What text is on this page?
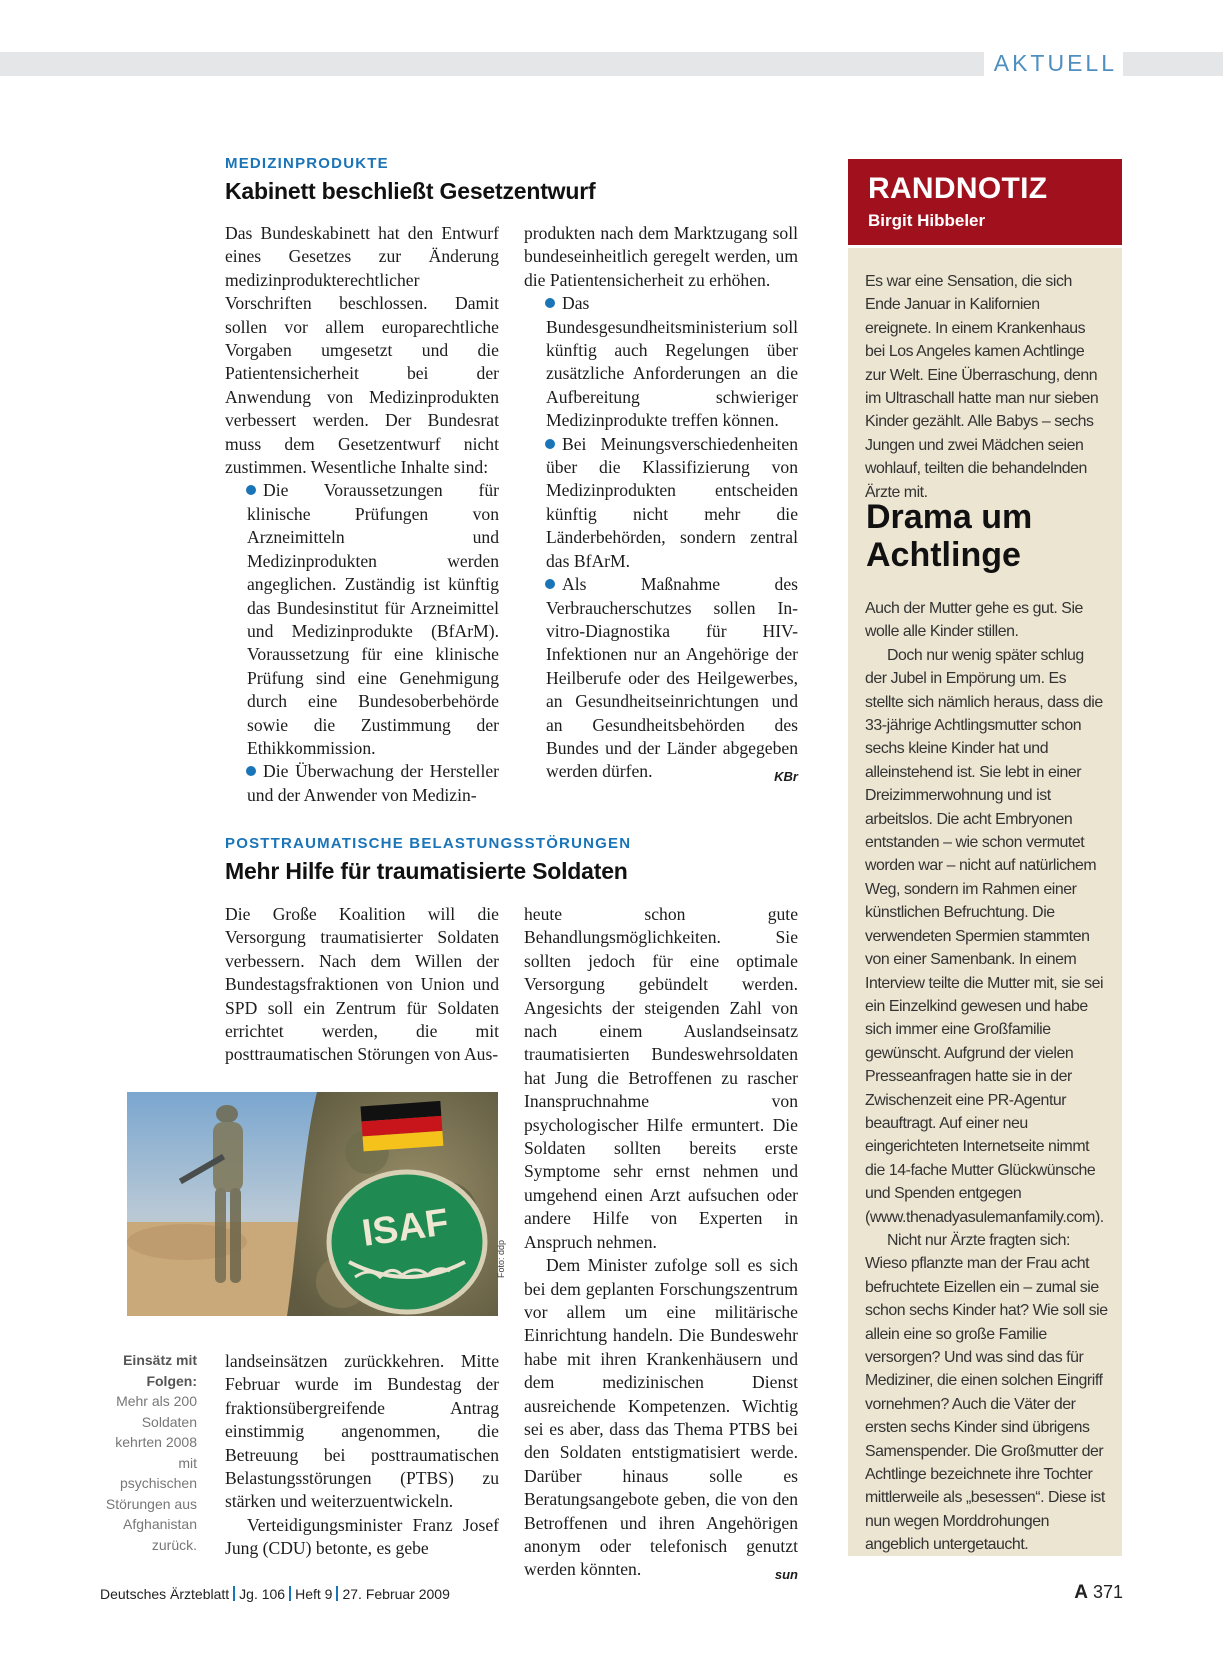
AKTUELL
MEDIZINPRODUKTE
Kabinett beschließt Gesetzentwurf

Das Bundeskabinett hat den Entwurf eines Gesetzes zur Änderung medizinprodukterechtlicher Vorschriften beschlossen. Damit sollen vor allem europarechtliche Vorgaben umgesetzt und die Patientensicherheit bei der Anwendung von Medizinprodukten verbessert werden. Der Bundesrat muss dem Gesetzentwurf nicht zustimmen. Wesentliche Inhalte sind:

Die Voraussetzungen für klinische Prüfungen von Arzneimitteln und Medizinprodukten werden angeglichen. Zuständig ist künftig das Bundesinstitut für Arzneimittel und Medizinprodukte (BfArM). Voraussetzung für eine klinische Prüfung sind eine Genehmigung durch eine Bundesoberbehörde sowie die Zustimmung der Ethikkommission.

Die Überwachung der Hersteller und der Anwender von Medizin-

produkten nach dem Marktzugang soll bundeseinheitlich geregelt werden, um die Patientensicherheit zu erhöhen.

Das Bundesgesundheitsministerium soll künftig auch Regelungen über zusätzliche Anforderungen an die Aufbereitung schwieriger Medizinprodukte treffen können.

Bei Meinungsverschiedenheiten über die Klassifizierung von Medizinprodukten entscheiden künftig nicht mehr die Länderbehörden, sondern zentral das BfArM.

Als Maßnahme des Verbraucherschutzes sollen In-vitro-Diagnostika für HIV-Infektionen nur an Angehörige der Heilberufe oder des Heilgewerbes, an Gesundheitseinrichtungen und an Gesundheitsbehörden des Bundes und der Länder abgegeben werden dürfen.	KBr

POSTTRAUMATISCHE BELASTUNGSSTÖRUNGEN
Mehr Hilfe für traumatisierte Soldaten

Die Große Koalition will die Versorgung traumatisierter Soldaten verbessern. Nach dem Willen der Bundestagsfraktionen von Union und SPD soll ein Zentrum für Soldaten errichtet werden, die mit posttraumatischen Störungen von Aus-

ISAF
Foto: ddp
Einsätz mit Folgen:
Mehr als 200 Soldaten kehrten 2008 mit psychischen Störungen aus Afghanistan zurück.

landseinsätzen zurückkehren. Mitte Februar wurde im Bundestag der fraktionsübergreifende Antrag einstimmig angenommen, die Betreuung bei posttraumatischen Belastungsstörungen (PTBS) zu stärken und weiterzuentwickeln.

Verteidigungsminister Franz Josef Jung (CDU) betonte, es gebe

heute schon gute Behandlungsmöglichkeiten. Sie sollten jedoch für eine optimale Versorgung gebündelt werden. Angesichts der steigenden Zahl von nach einem Auslandseinsatz traumatisierten Bundeswehrsoldaten hat Jung die Betroffenen zu rascher Inanspruchnahme von psychologischer Hilfe ermuntert. Die Soldaten sollten bereits erste Symptome sehr ernst nehmen und umgehend einen Arzt aufsuchen oder andere Hilfe von Experten in Anspruch nehmen.

Dem Minister zufolge soll es sich bei dem geplanten Forschungszentrum vor allem um eine militärische Einrichtung handeln. Die Bundeswehr habe mit ihren Krankenhäusern und dem medizinischen Dienst ausreichende Kompetenzen. Wichtig sei es aber, dass das Thema PTBS bei den Soldaten entstigmatisiert werde. Darüber hinaus solle es Beratungsangebote geben, die von den Betroffenen und ihren Angehörigen anonym oder telefonisch genutzt werden könnten.	sun

RANDNOTIZ
Birgit Hibbeler

Es war eine Sensation, die sich Ende Januar in Kalifornien ereignete. In einem Krankenhaus bei Los Angeles kamen Achtlinge zur Welt. Eine Überraschung, denn im Ultraschall hatte man nur sieben Kinder gezählt. Alle Babys – sechs Jungen und zwei Mädchen seien wohlauf, teilten die behandelnden Ärzte mit.

Drama um Achtlinge

Auch der Mutter gehe es gut. Sie wolle alle Kinder stillen.

Doch nur wenig später schlug der Jubel in Empörung um. Es stellte sich nämlich heraus, dass die 33-jährige Achtlingsmutter schon sechs kleine Kinder hat und alleinstehend ist. Sie lebt in einer Dreizimmerwohnung und ist arbeitslos. Die acht Embryonen entstanden – wie schon vermutet worden war – nicht auf natürlichem Weg, sondern im Rahmen einer künstlichen Befruchtung. Die verwendeten Spermien stammten von einer Samenbank. In einem Interview teilte die Mutter mit, sie sei ein Einzelkind gewesen und habe sich immer eine Großfamilie gewünscht. Aufgrund der vielen Presseanfragen hatte sie in der Zwischenzeit eine PR-Agentur beauftragt. Auf einer neu eingerichteten Internetseite nimmt die 14-fache Mutter Glückwünsche und Spenden entgegen (www.thenadyasulemanfamily.com).

Nicht nur Ärzte fragten sich: Wieso pflanzte man der Frau acht befruchtete Eizellen ein – zumal sie schon sechs Kinder hat? Wie soll sie allein eine so große Familie versorgen? Und was sind das für Mediziner, die einen solchen Eingriff vornehmen? Auch die Väter der ersten sechs Kinder sind übrigens Samenspender. Die Großmutter der Achtlinge bezeichnete ihre Tochter mittlerweile als „besessen“. Diese ist nun wegen Morddrohungen angeblich untergetaucht.

Deutsches Ärzteblatt Jg. 106 Heft 9 27. Februar 2009	A 371
